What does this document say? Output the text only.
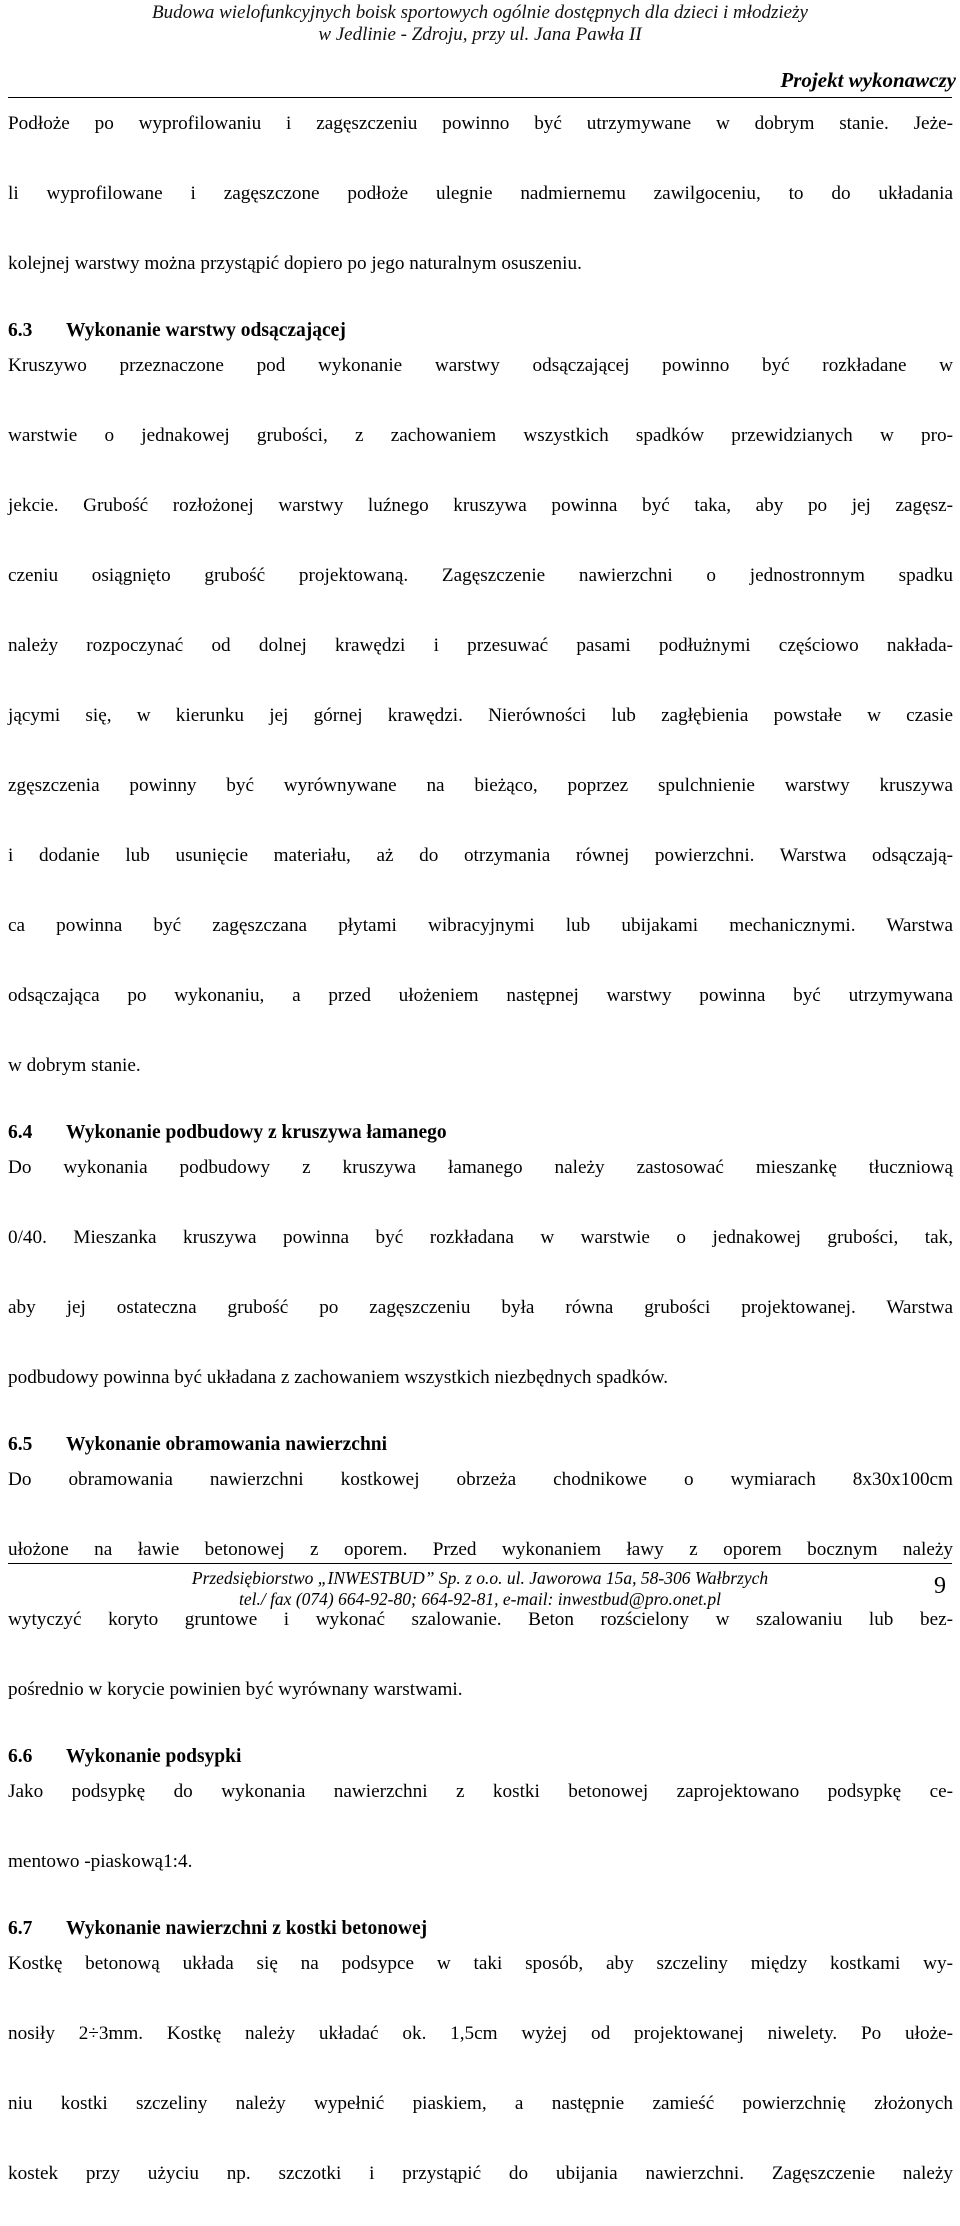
Budowa wielofunkcyjnych boisk sportowych ogólnie dostępnych dla dzieci i młodzieży
w Jedlinie - Zdroju, przy ul. Jana Pawła II
Projekt wykonawczy

Podłoże po wyprofilowaniu i zagęszczeniu powinno być utrzymywane w dobrym stanie. Jeże-

li wyprofilowane i zagęszczone podłoże ulegnie nadmiernemu zawilgoceniu, to do układania

kolejnej warstwy można przystąpić dopiero po jego naturalnym osuszeniu.

6.3 Wykonanie warstwy odsączającej

Kruszywo przeznaczone pod wykonanie warstwy odsączającej powinno być rozkładane w

warstwie o jednakowej grubości, z zachowaniem wszystkich spadków przewidzianych w pro-

jekcie. Grubość rozłożonej warstwy luźnego kruszywa powinna być taka, aby po jej zagęsz-

czeniu osiągnięto grubość projektowaną. Zagęszczenie nawierzchni o jednostronnym spadku

należy rozpoczynać od dolnej krawędzi i przesuwać pasami podłużnymi częściowo nakłada-

jącymi się, w kierunku jej górnej krawędzi. Nierówności lub zagłębienia powstałe w czasie

zgęszczenia powinny być wyrównywane na bieżąco, poprzez spulchnienie warstwy kruszywa

i dodanie lub usunięcie materiału, aż do otrzymania równej powierzchni. Warstwa odsączają-

ca powinna być zagęszczana płytami wibracyjnymi lub ubijakami mechanicznymi. Warstwa

odsączająca po wykonaniu, a przed ułożeniem następnej warstwy powinna być utrzymywana

w dobrym stanie.

6.4 Wykonanie podbudowy z kruszywa łamanego

Do wykonania podbudowy z kruszywa łamanego należy zastosować mieszankę tłuczniową

0/40. Mieszanka kruszywa powinna być rozkładana w warstwie o jednakowej grubości, tak,

aby jej ostateczna grubość po zagęszczeniu była równa grubości projektowanej. Warstwa

podbudowy powinna być układana z zachowaniem wszystkich niezbędnych spadków.

6.5 Wykonanie obramowania nawierzchni

Do obramowania nawierzchni kostkowej obrzeża chodnikowe o wymiarach 8x30x100cm

ułożone na ławie betonowej z oporem. Przed wykonaniem ławy z oporem bocznym należy

wytyczyć koryto gruntowe i wykonać szalowanie. Beton rozścielony w szalowaniu lub bez-

pośrednio w korycie powinien być wyrównany warstwami.

6.6 Wykonanie podsypki

Jako podsypkę do wykonania nawierzchni z kostki betonowej zaprojektowano podsypkę ce-

mentowo -piaskową1:4.

6.7 Wykonanie nawierzchni z kostki betonowej

Kostkę betonową układa się na podsypce w taki sposób, aby szczeliny między kostkami wy-

nosiły 2÷3mm. Kostkę należy układać ok. 1,5cm wyżej od projektowanej niwelety. Po ułoże-

niu kostki szczeliny należy wypełnić piaskiem, a następnie zamieść powierzchnię złożonych

kostek przy użyciu np. szczotki i przystąpić do ubijania nawierzchni. Zagęszczenie należy

Przedsiębiorstwo „INWESTBUD” Sp. z o.o. ul. Jaworowa 15a, 58-306 Wałbrzych
tel./ fax (074) 664-92-80; 664-92-81, e-mail: inwestbud@pro.onet.pl	9
